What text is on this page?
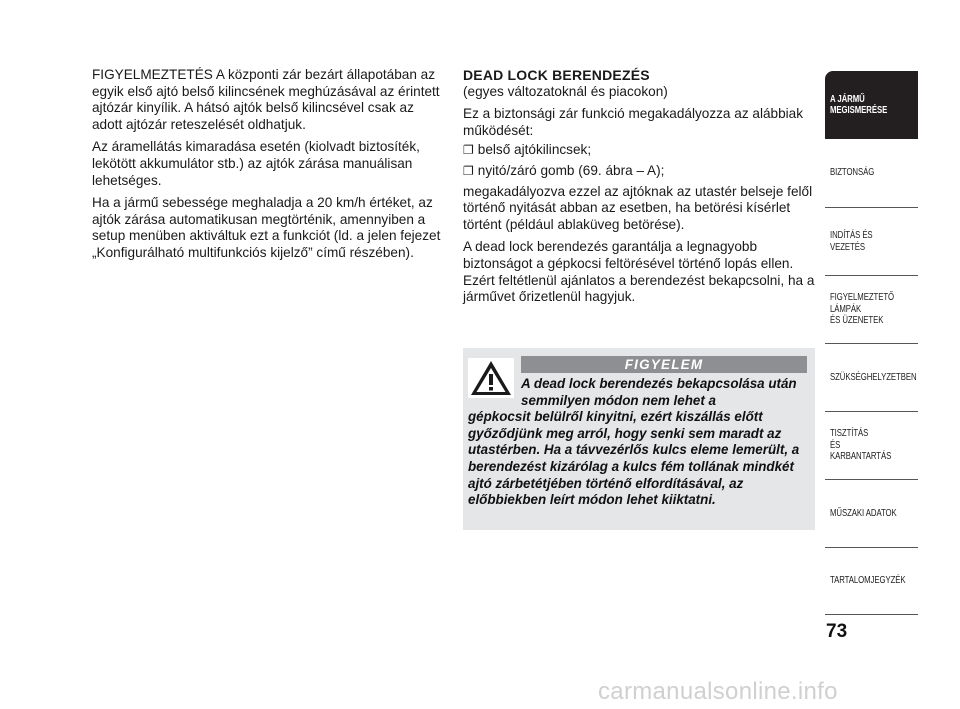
FIGYELMEZTETÉS A központi zár bezárt állapotában az egyik első ajtó belső kilincsének meghúzásával az érintett ajtózár kinyílik. A hátsó ajtók belső kilincsével csak az adott ajtózár reteszelését oldhatjuk.

Az áramellátás kimaradása esetén (kiolvadt biztosíték, lekötött akkumulátor stb.) az ajtók zárása manuálisan lehetséges.

Ha a jármű sebessége meghaladja a 20 km/h értéket, az ajtók zárása automatikusan megtörténik, amennyiben a setup menüben aktiváltuk ezt a funkciót (ld. a jelen fejezet „Konfigurálható multifunkciós kijelző” című részében).

DEAD LOCK BERENDEZÉS

(egyes változatoknál és piacokon)

Ez a biztonsági zár funkció megakadályozza az alábbiak működését:

❐ belső ajtókilincsek;
❐ nyitó/záró gomb (69. ábra – A);

megakadályozva ezzel az ajtóknak az utastér belseje felől történő nyitását abban az esetben, ha betörési kísérlet történt (például ablaküveg betörése).

A dead lock berendezés garantálja a legnagyobb biztonságot a gépkocsi feltörésével történő lopás ellen. Ezért feltétlenül ajánlatos a berendezést bekapcsolni, ha a járművet őrizetlenül hagyjuk.

FIGYELEM
A dead lock berendezés bekapcsolása után semmilyen módon nem lehet a
gépkocsit belülről kinyitni, ezért kiszállás előtt győződjünk meg arról, hogy senki sem maradt az utastérben. Ha a távvezérlős kulcs eleme lemerült, a berendezést kizárólag a kulcs fém tollának mindkét ajtó zárbetétjében történő elfordításával, az előbbiekben leírt módon lehet kiiktatni.
A JÁRMŰ
MEGISMERÉSE
BIZTONSÁG
INDÍTÁS ÉS VEZETÉS
FIGYELMEZTETŐ
LÁMPÁK
ÉS ÜZENETEK
SZÜKSÉGHELYZETBEN
TISZTÍTÁS
ÉS KARBANTARTÁS
MŰSZAKI ADATOK
TARTALOMJEGYZÉK
73
carmanualsonline.info
